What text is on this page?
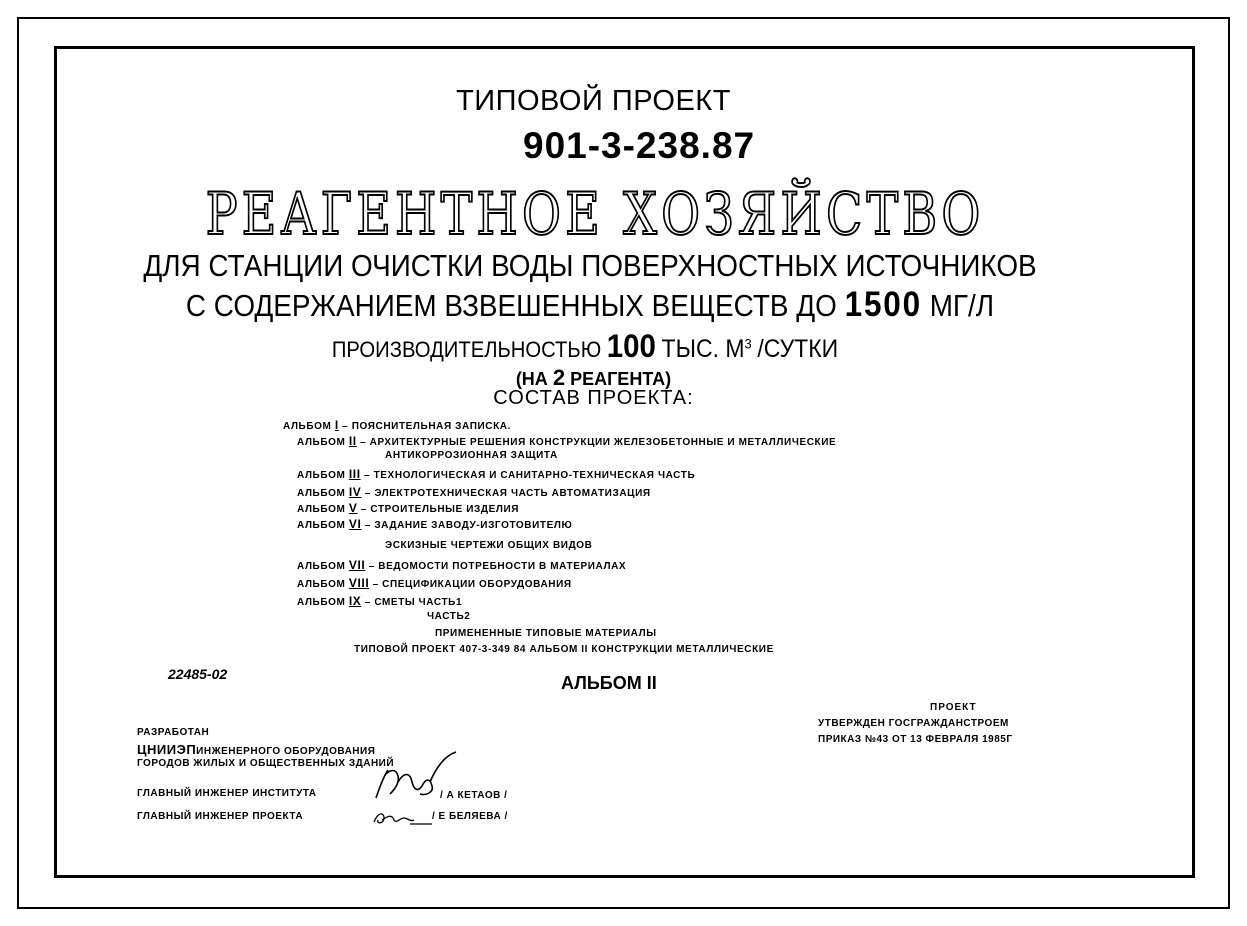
ТИПОВОЙ ПРОЕКТ
901-3-238.87
РЕАГЕНТНОЕ ХОЗЯЙСТВО
ДЛЯ СТАНЦИИ ОЧИСТКИ ВОДЫ ПОВЕРХНОСТНЫХ ИСТОЧНИКОВ
С СОДЕРЖАНИЕМ ВЗВЕШЕННЫХ ВЕЩЕСТВ ДО 1500 МГ/Л
ПРОИЗВОДИТЕЛЬНОСТЬЮ 100 ТЫС. $М^3$ /СУТКИ
(НА 2 РЕАГЕНТА)
СОСТАВ ПРОЕКТА:
АЛЬБОМ I – ПОЯСНИТЕЛЬНАЯ ЗАПИСКА.
АЛЬБОМ II – АРХИТЕКТУРНЫЕ РЕШЕНИЯ КОНСТРУКЦИИ ЖЕЛЕЗОБЕТОННЫЕ И МЕТАЛЛИЧЕСКИЕ
АНТИКОРРОЗИОННАЯ ЗАЩИТА
АЛЬБОМ III – ТЕХНОЛОГИЧЕСКАЯ И САНИТАРНО-ТЕХНИЧЕСКАЯ ЧАСТЬ
АЛЬБОМ IV – ЭЛЕКТРОТЕХНИЧЕСКАЯ ЧАСТЬ АВТОМАТИЗАЦИЯ
АЛЬБОМ V – СТРОИТЕЛЬНЫЕ ИЗДЕЛИЯ
АЛЬБОМ VI – ЗАДАНИЕ ЗАВОДУ-ИЗГОТОВИТЕЛЮ
ЭСКИЗНЫЕ ЧЕРТЕЖИ ОБЩИХ ВИДОВ
АЛЬБОМ VII – ВЕДОМОСТИ ПОТРЕБНОСТИ В МАТЕРИАЛАХ
АЛЬБОМ VIII – СПЕЦИФИКАЦИИ ОБОРУДОВАНИЯ
АЛЬБОМ IX – СМЕТЫ ЧАСТЬ1
ЧАСТЬ2
ПРИМЕНЕННЫЕ ТИПОВЫЕ МАТЕРИАЛЫ
ТИПОВОЙ ПРОЕКТ 407-3-349 84 АЛЬБОМ II КОНСТРУКЦИИ МЕТАЛЛИЧЕСКИЕ
22485-02	АЛЬБОМ II
ПРОЕКТ
УТВЕРЖДЕН ГОСГРАЖДАНСТРОЕМ
ПРИКАЗ №43 ОТ 13 ФЕВРАЛЯ 1985Г
РАЗРАБОТАН
ЦНИИЭПИНЖЕНЕРНОГО ОБОРУДОВАНИЯ
ГОРОДОВ ЖИЛЫХ И ОБЩЕСТВЕННЫХ ЗДАНИЙ
ГЛАВНЫЙ ИНЖЕНЕР ИНСТИТУТА	/ А КЕТАОВ /
ГЛАВНЫЙ ИНЖЕНЕР ПРОЕКТА	/ Е БЕЛЯЕВА /
